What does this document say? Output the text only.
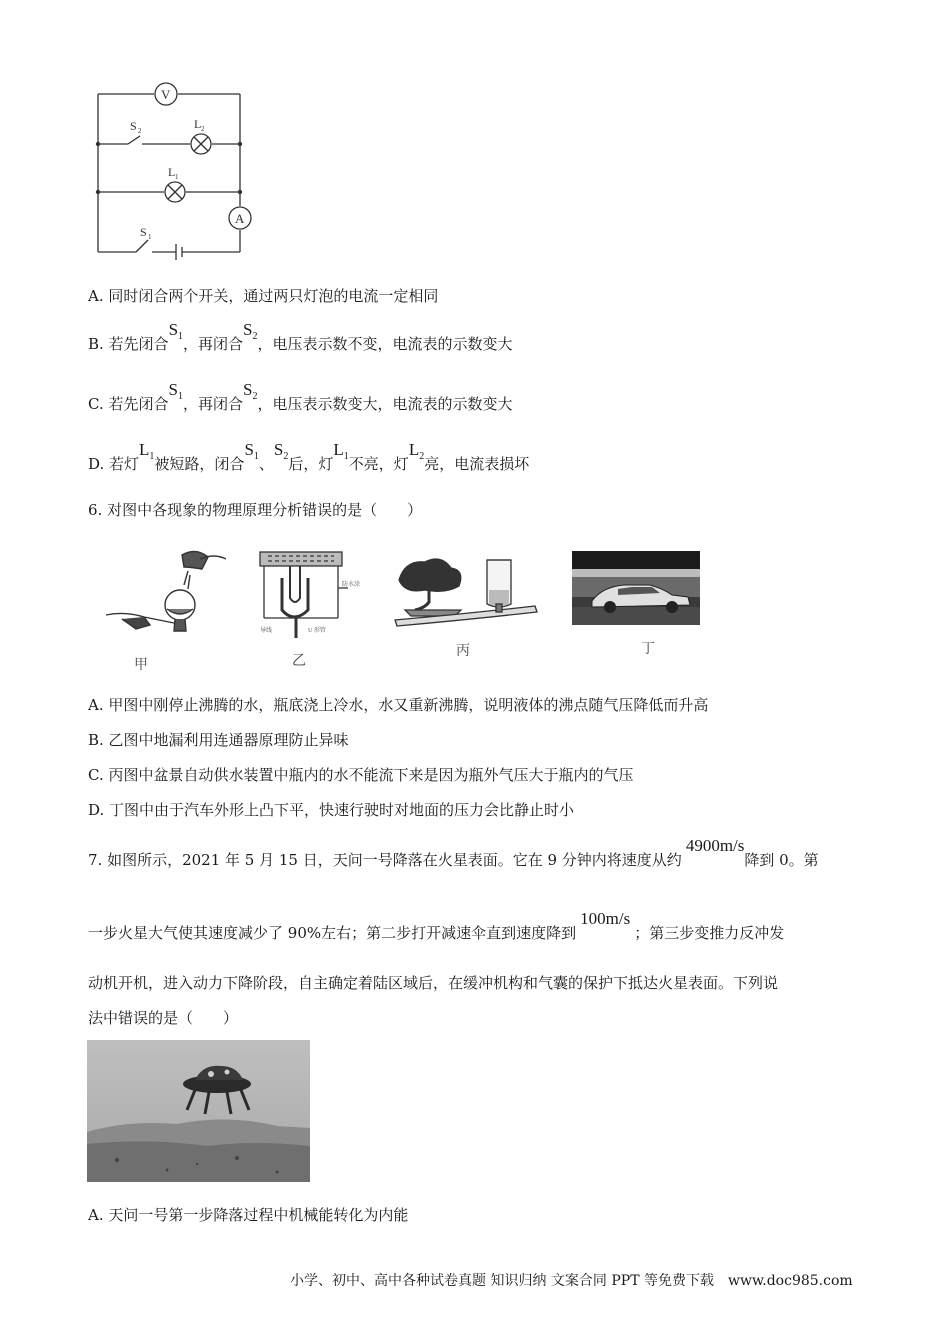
V
A
S 2	L 2
L 1
S 1
A. 同时闭合两个开关，通过两只灯泡的电流一定相同
B. 若先闭合$S_1$，再闭合$S_2$，电压表示数不变，电流表的示数变大
C. 若先闭合$S_1$，再闭合$S_2$，电压表示数变大，电流表的示数变大
D. 若灯$L_1$被短路，闭合$S_1$、$S_2$后，灯$L_1$不亮，灯$L_2$亮，电流表损坏
6. 对图中各现象的物理原理分析错误的是（　　）
甲
防水涂
导线	U 形管
乙
丙	丁
A. 甲图中刚停止沸腾的水，瓶底浇上冷水，水又重新沸腾，说明液体的沸点随气压降低而升高
B. 乙图中地漏利用连通器原理防止异味
C. 丙图中盆景自动供水装置中瓶内的水不能流下来是因为瓶外气压大于瓶内的气压
D. 丁图中由于汽车外形上凸下平，快速行驶时对地面的压力会比静止时小
7. 如图所示，2021 年 5 月 15 日，天问一号降落在火星表面。它在 9 分钟内将速度从约4900m/s降到 0。第
一步火星大气使其速度减少了 90%左右；第二步打开减速伞直到速度降到100m/s；第三步变推力反冲发
动机开机，进入动力下降阶段，自主确定着陆区域后，在缓冲机构和气囊的保护下抵达火星表面。下列说
法中错误的是（　　）
A. 天问一号第一步降落过程中机械能转化为内能
小学、初中、高中各种试卷真题 知识归纳 文案合同 PPT 等免费下载　www.doc985.com
